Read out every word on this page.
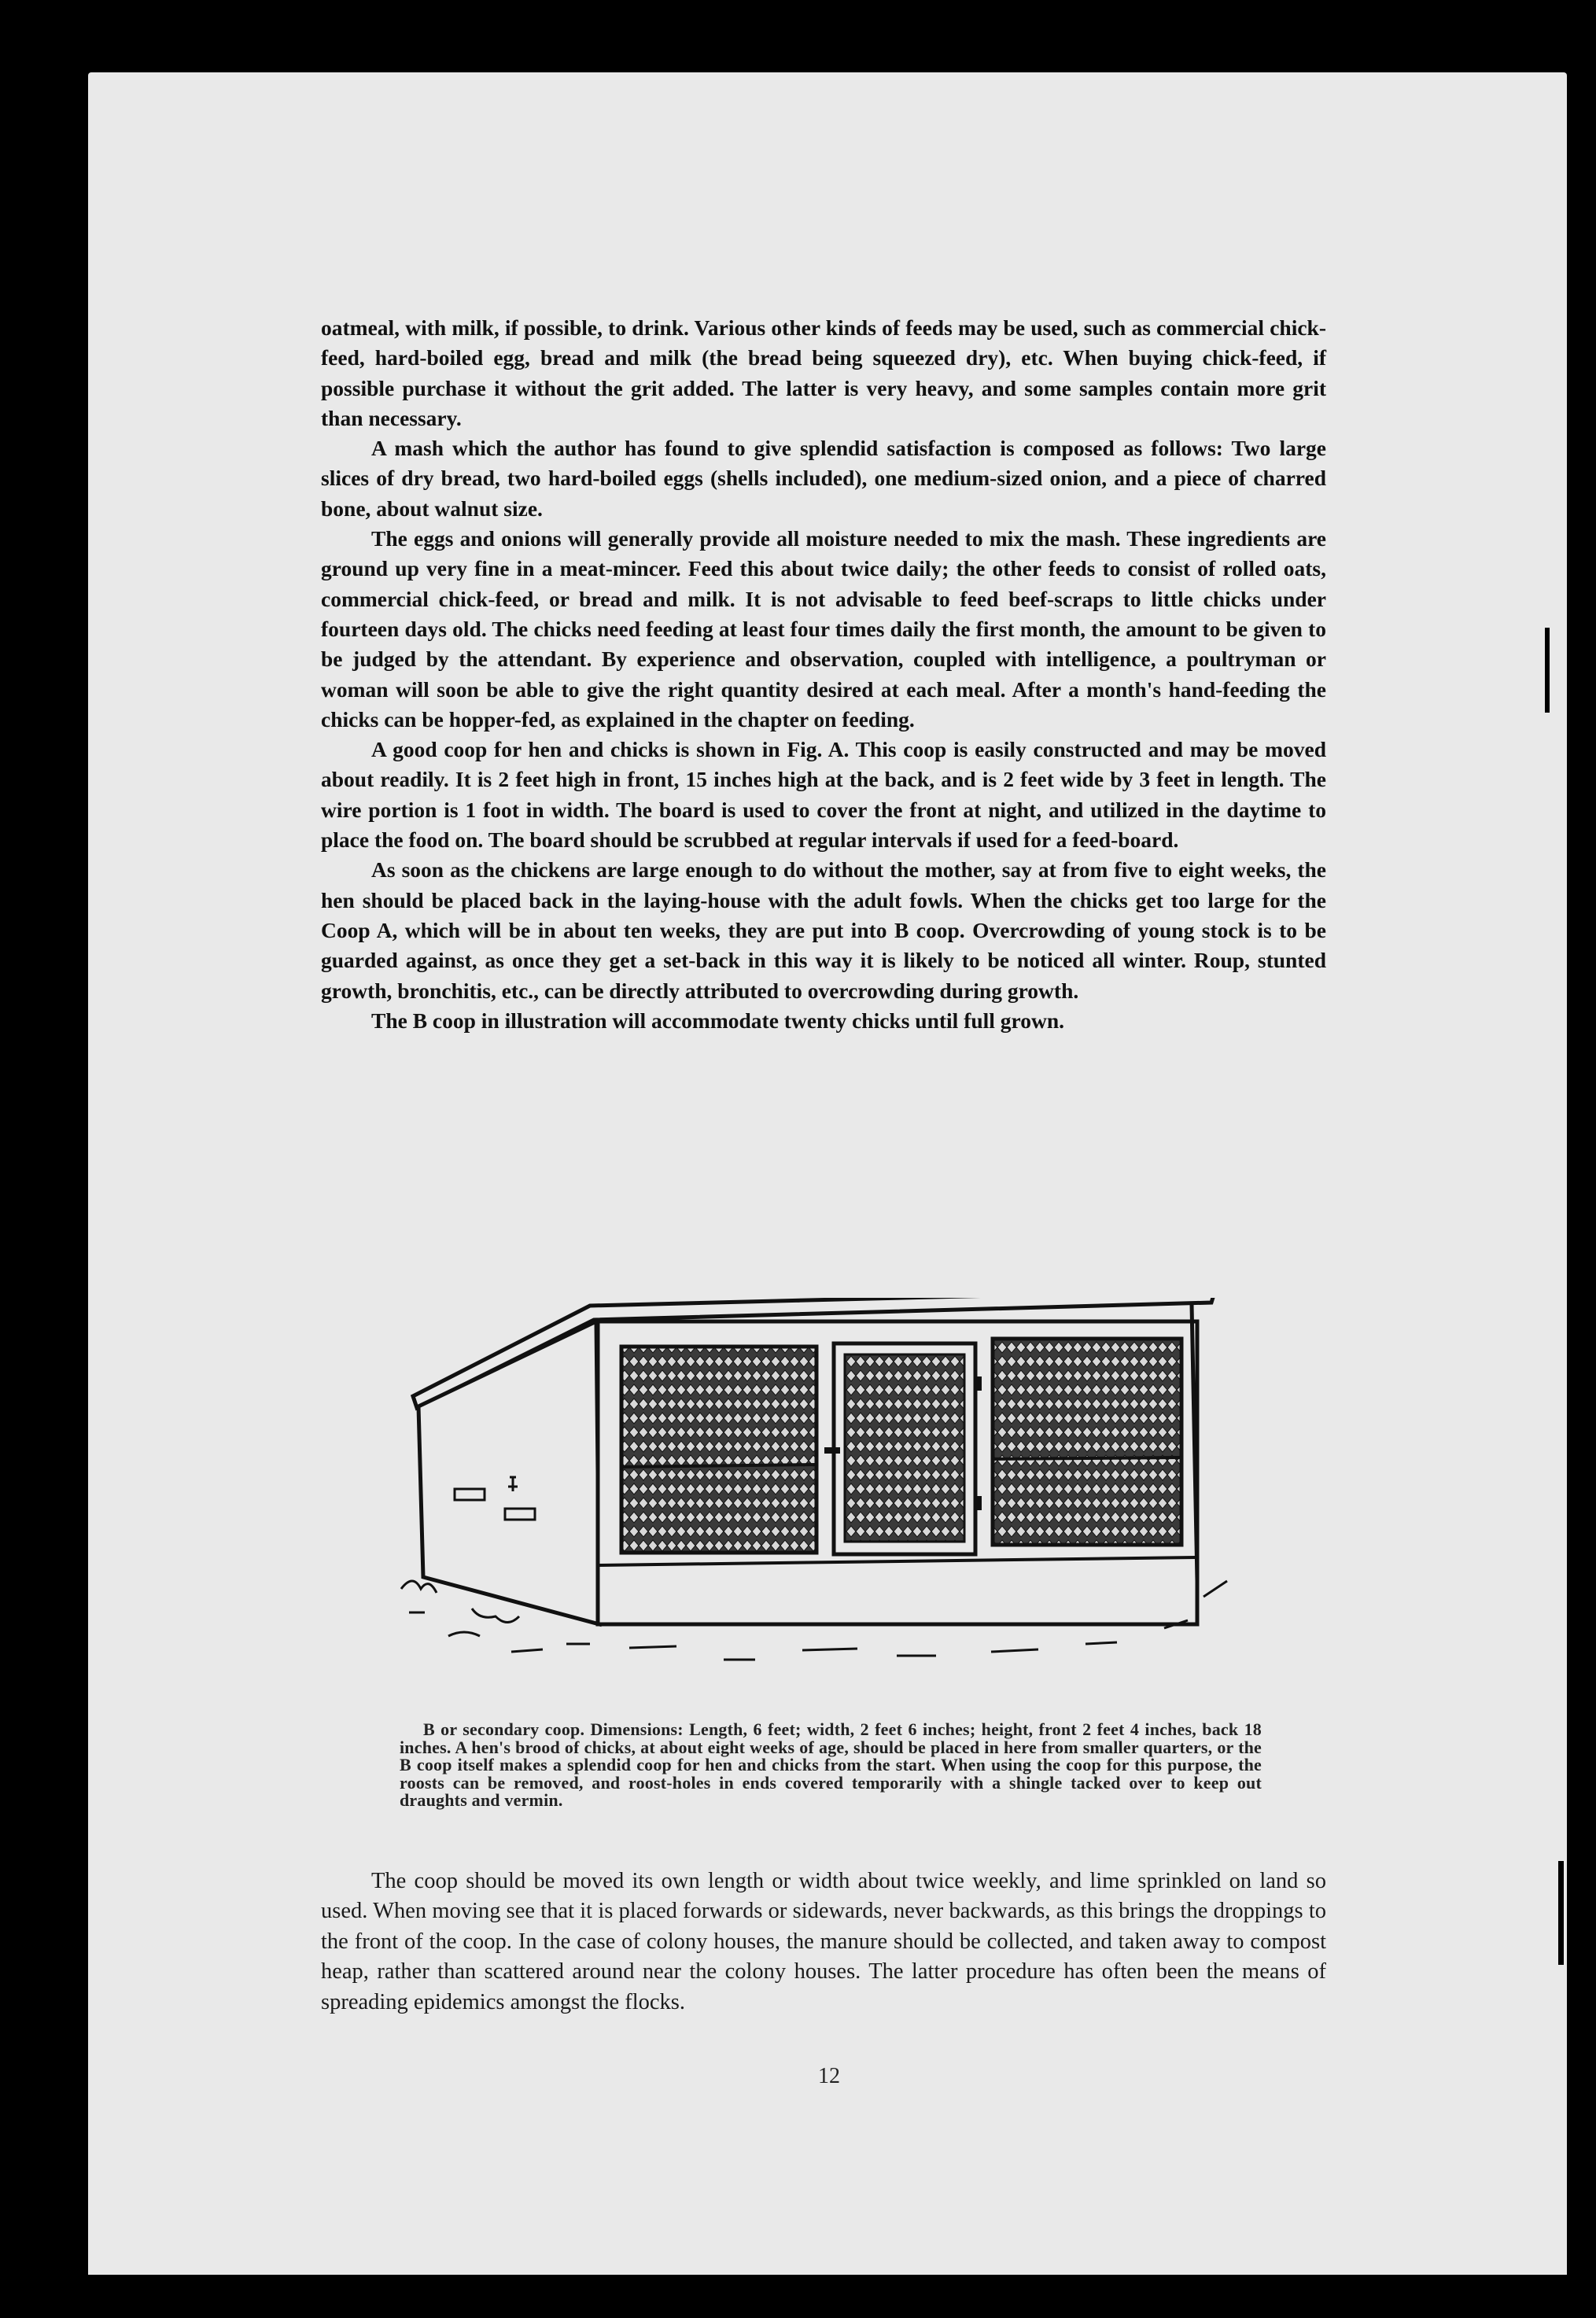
oatmeal, with milk, if possible, to drink. Various other kinds of feeds may be used, such as commercial chick-feed, hard-boiled egg, bread and milk (the bread being squeezed dry), etc. When buying chick-feed, if possible purchase it without the grit added. The latter is very heavy, and some samples contain more grit than necessary.

A mash which the author has found to give splendid satisfaction is composed as follows: Two large slices of dry bread, two hard-boiled eggs (shells included), one medium-sized onion, and a piece of charred bone, about walnut size.

The eggs and onions will generally provide all moisture needed to mix the mash. These ingredients are ground up very fine in a meat-mincer. Feed this about twice daily; the other feeds to consist of rolled oats, commercial chick-feed, or bread and milk. It is not advisable to feed beef-scraps to little chicks under fourteen days old. The chicks need feeding at least four times daily the first month, the amount to be given to be judged by the attendant. By experience and observation, coupled with intelligence, a poultryman or woman will soon be able to give the right quantity desired at each meal. After a month's hand-feeding the chicks can be hopper-fed, as explained in the chapter on feeding.

A good coop for hen and chicks is shown in Fig. A. This coop is easily constructed and may be moved about readily. It is 2 feet high in front, 15 inches high at the back, and is 2 feet wide by 3 feet in length. The wire portion is 1 foot in width. The board is used to cover the front at night, and utilized in the daytime to place the food on. The board should be scrubbed at regular intervals if used for a feed-board.

As soon as the chickens are large enough to do without the mother, say at from five to eight weeks, the hen should be placed back in the laying-house with the adult fowls. When the chicks get too large for the Coop A, which will be in about ten weeks, they are put into B coop. Overcrowding of young stock is to be guarded against, as once they get a set-back in this way it is likely to be noticed all winter. Roup, stunted growth, bronchitis, etc., can be directly attributed to overcrowding during growth.

The B coop in illustration will accommodate twenty chicks until full grown.

B or secondary coop. Dimensions: Length, 6 feet; width, 2 feet 6 inches; height, front 2 feet 4 inches, back 18 inches. A hen's brood of chicks, at about eight weeks of age, should be placed in here from smaller quarters, or the B coop itself makes a splendid coop for hen and chicks from the start. When using the coop for this purpose, the roosts can be removed, and roost-holes in ends covered temporarily with a shingle tacked over to keep out draughts and vermin.

The coop should be moved its own length or width about twice weekly, and lime sprinkled on land so used. When moving see that it is placed forwards or sidewards, never backwards, as this brings the droppings to the front of the coop. In the case of colony houses, the manure should be collected, and taken away to compost heap, rather than scattered around near the colony houses. The latter procedure has often been the means of spreading epidemics amongst the flocks.

12
